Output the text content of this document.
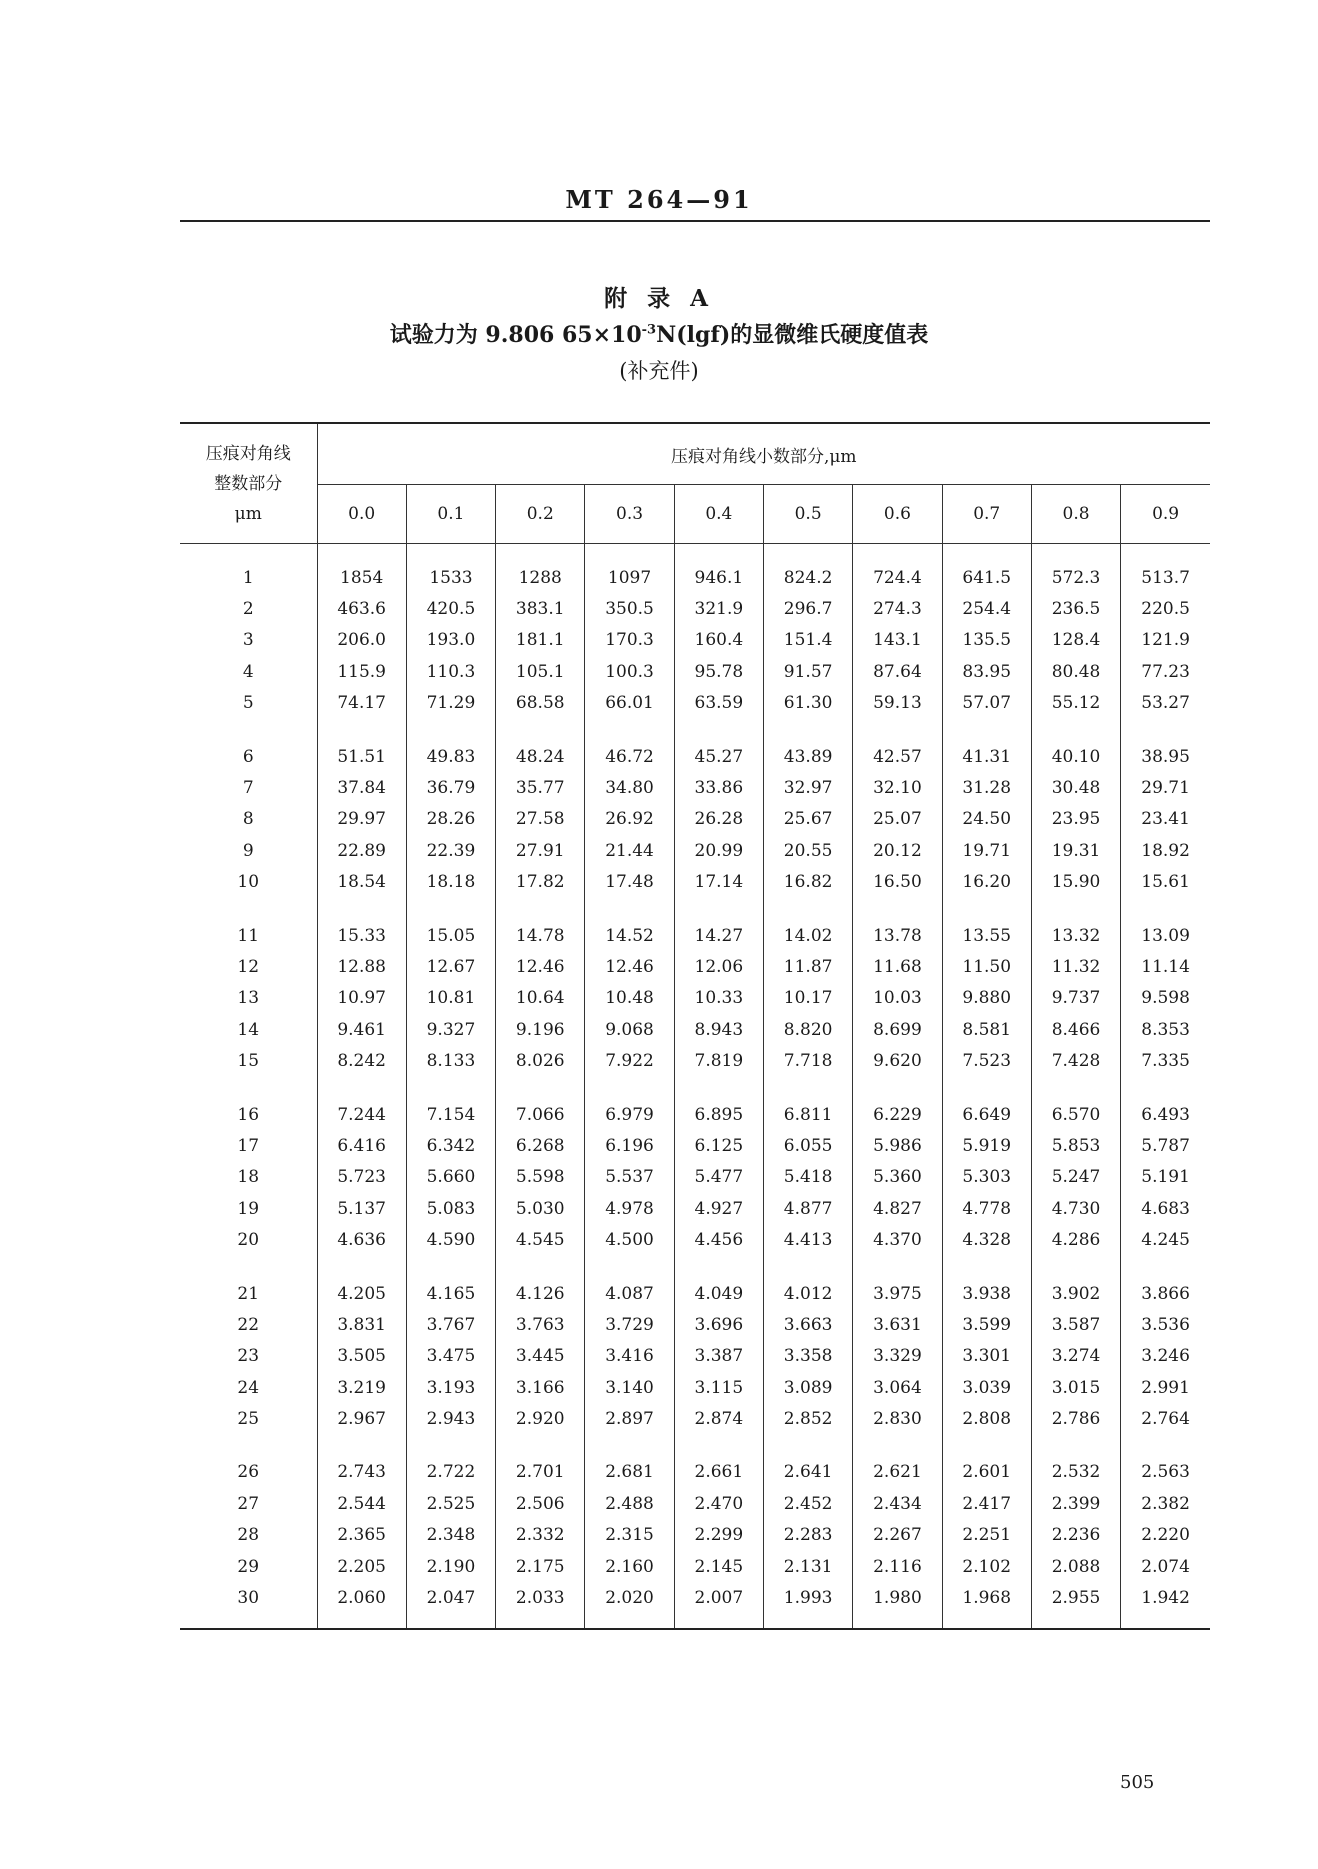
MT 264—91
附 录 A
试验力为 9.806 $65\times 10^{-3}N(\lg f)$的显微维氏硬度值表
(补充件)
压痕对角线
整数部分
μm	压痕对角线小数部分,μm									
	0.0	0.1	0.2	0.3	0.4	0.5	0.6	0.7	0.8	0.9
1	1854	1533	1288	1097	946.1	824.2	724.4	641.5	572.3	513.7
2	463.6	420.5	383.1	350.5	321.9	296.7	274.3	254.4	236.5	220.5
3	206.0	193.0	181.1	170.3	160.4	151.4	143.1	135.5	128.4	121.9
4	115.9	110.3	105.1	100.3	95.78	91.57	87.64	83.95	80.48	77.23
5	74.17	71.29	68.58	66.01	63.59	61.30	59.13	57.07	55.12	53.27

6	51.51	49.83	48.24	46.72	45.27	43.89	42.57	41.31	40.10	38.95
7	37.84	36.79	35.77	34.80	33.86	32.97	32.10	31.28	30.48	29.71
8	29.97	28.26	27.58	26.92	26.28	25.67	25.07	24.50	23.95	23.41
9	22.89	22.39	27.91	21.44	20.99	20.55	20.12	19.71	19.31	18.92
10	18.54	18.18	17.82	17.48	17.14	16.82	16.50	16.20	15.90	15.61

11	15.33	15.05	14.78	14.52	14.27	14.02	13.78	13.55	13.32	13.09
12	12.88	12.67	12.46	12.46	12.06	11.87	11.68	11.50	11.32	11.14
13	10.97	10.81	10.64	10.48	10.33	10.17	10.03	9.880	9.737	9.598
14	9.461	9.327	9.196	9.068	8.943	8.820	8.699	8.581	8.466	8.353
15	8.242	8.133	8.026	7.922	7.819	7.718	9.620	7.523	7.428	7.335

16	7.244	7.154	7.066	6.979	6.895	6.811	6.229	6.649	6.570	6.493
17	6.416	6.342	6.268	6.196	6.125	6.055	5.986	5.919	5.853	5.787
18	5.723	5.660	5.598	5.537	5.477	5.418	5.360	5.303	5.247	5.191
19	5.137	5.083	5.030	4.978	4.927	4.877	4.827	4.778	4.730	4.683
20	4.636	4.590	4.545	4.500	4.456	4.413	4.370	4.328	4.286	4.245

21	4.205	4.165	4.126	4.087	4.049	4.012	3.975	3.938	3.902	3.866
22	3.831	3.767	3.763	3.729	3.696	3.663	3.631	3.599	3.587	3.536
23	3.505	3.475	3.445	3.416	3.387	3.358	3.329	3.301	3.274	3.246
24	3.219	3.193	3.166	3.140	3.115	3.089	3.064	3.039	3.015	2.991
25	2.967	2.943	2.920	2.897	2.874	2.852	2.830	2.808	2.786	2.764

26	2.743	2.722	2.701	2.681	2.661	2.641	2.621	2.601	2.532	2.563
27	2.544	2.525	2.506	2.488	2.470	2.452	2.434	2.417	2.399	2.382
28	2.365	2.348	2.332	2.315	2.299	2.283	2.267	2.251	2.236	2.220
29	2.205	2.190	2.175	2.160	2.145	2.131	2.116	2.102	2.088	2.074
30	2.060	2.047	2.033	2.020	2.007	1.993	1.980	1.968	2.955	1.942
505
